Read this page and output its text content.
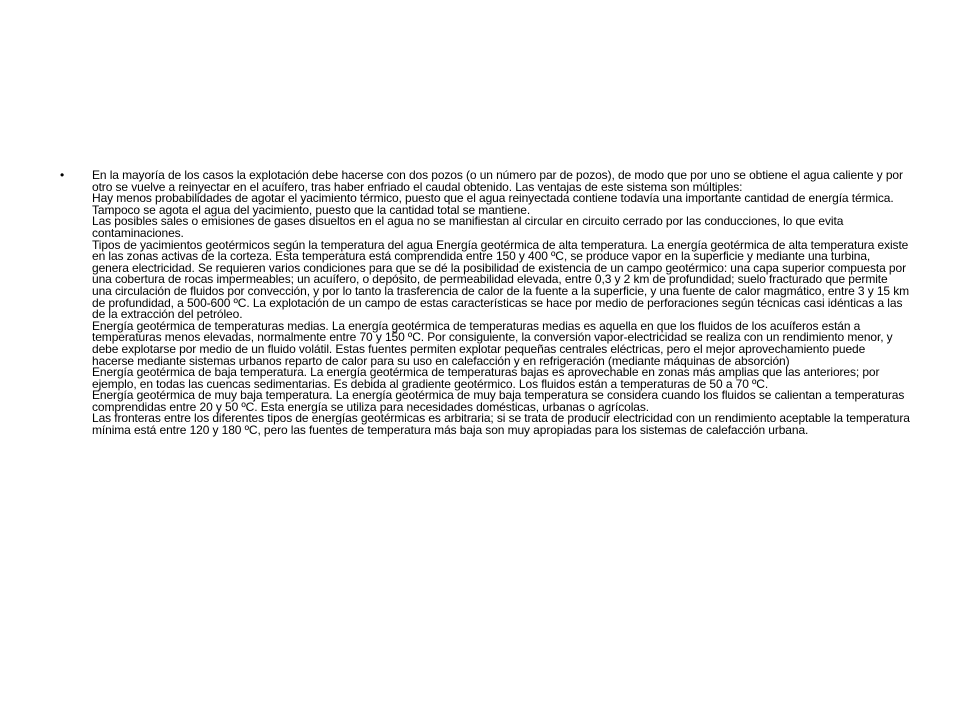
• En la mayoría de los casos la explotación debe hacerse con dos pozos (o un número par de pozos), de modo que por uno se obtiene el agua caliente y por otro se vuelve a reinyectar en el acuífero, tras haber enfriado el caudal obtenido. Las ventajas de este sistema son múltiples:
Hay menos probabilidades de agotar el yacimiento térmico, puesto que el agua reinyectada contiene todavía una importante cantidad de energía térmica.
Tampoco se agota el agua del yacimiento, puesto que la cantidad total se mantiene.
Las posibles sales o emisiones de gases disueltos en el agua no se manifiestan al circular en circuito cerrado por las conducciones, lo que evita contaminaciones.
Tipos de yacimientos geotérmicos según la temperatura del agua Energía geotérmica de alta temperatura. La energía geotérmica de alta temperatura existe en las zonas activas de la corteza. Esta temperatura está comprendida entre 150 y 400 ºC, se produce vapor en la superficie y mediante una turbina, genera electricidad. Se requieren varios condiciones para que se dé la posibilidad de existencia de un campo geotérmico: una capa superior compuesta por una cobertura de rocas impermeables; un acuífero, o depósito, de permeabilidad elevada, entre 0,3 y 2 km de profundidad; suelo fracturado que permite una circulación de fluidos por convección, y por lo tanto la trasferencia de calor de la fuente a la superficie, y una fuente de calor magmático, entre 3 y 15 km de profundidad, a 500-600 ºC. La explotación de un campo de estas características se hace por medio de perforaciones según técnicas casi idénticas a las de la extracción del petróleo.
Energía geotérmica de temperaturas medias. La energía geotérmica de temperaturas medias es aquella en que los fluidos de los acuíferos están a temperaturas menos elevadas, normalmente entre 70 y 150 ºC. Por consiguiente, la conversión vapor-electricidad se realiza con un rendimiento menor, y debe explotarse por medio de un fluido volátil. Estas fuentes permiten explotar pequeñas centrales eléctricas, pero el mejor aprovechamiento puede hacerse mediante sistemas urbanos reparto de calor para su uso en calefacción y en refrigeración (mediante máquinas de absorción)
Energía geotérmica de baja temperatura. La energía geotérmica de temperaturas bajas es aprovechable en zonas más amplias que las anteriores; por ejemplo, en todas las cuencas sedimentarias. Es debida al gradiente geotérmico. Los fluidos están a temperaturas de 50 a 70 ºC.
Energía geotérmica de muy baja temperatura. La energía geotérmica de muy baja temperatura se considera cuando los fluidos se calientan a temperaturas comprendidas entre 20 y 50 ºC. Esta energía se utiliza para necesidades domésticas, urbanas o agrícolas.
Las fronteras entre los diferentes tipos de energías geotérmicas es arbitraria; si se trata de producir electricidad con un rendimiento aceptable la temperatura mínima está entre 120 y 180 ºC, pero las fuentes de temperatura más baja son muy apropiadas para los sistemas de calefacción urbana.
